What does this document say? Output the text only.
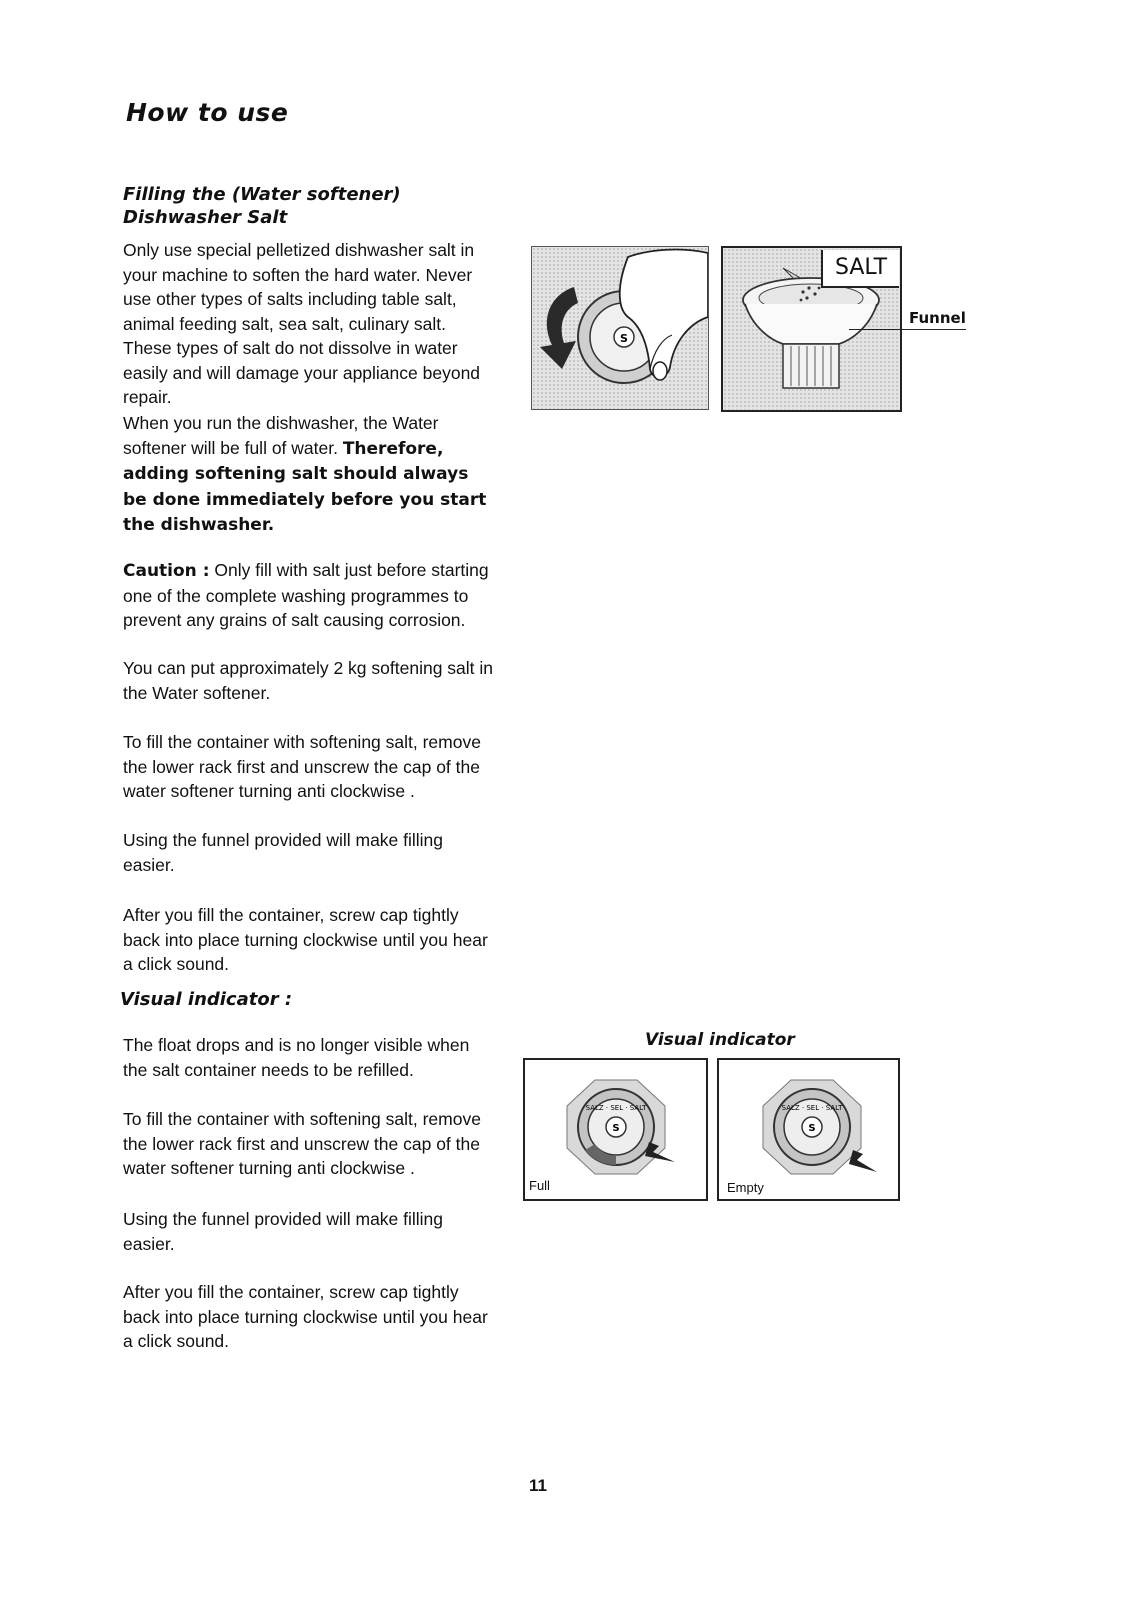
How to use

Filling the (Water softener)

Dishwasher Salt

Only use special pelletized dishwasher salt in your machine to soften the hard water. Never use other types of salts including table salt, animal feeding salt, sea salt, culinary salt. These types of salt do not dissolve in water easily and will damage your appliance beyond repair.

When you run the dishwasher, the Water softener will be full of water. Therefore, adding softening salt should always be done immediately before you start the dishwasher.

Caution : Only fill with salt just before starting one of the complete washing programmes to prevent any grains of salt causing corrosion.

You can put approximately 2 kg softening salt in the Water softener.

To fill the container with softening salt, remove the lower rack first and unscrew the cap of the water softener turning anti clockwise .

Using the funnel provided will make filling easier.

After you fill the container, screw cap tightly back into place turning clockwise until you hear a click sound.

Visual indicator :

The float drops and is no longer visible when the salt container needs to be refilled.

To fill the container with softening salt, remove the lower rack first and unscrew the cap of the water softener turning anti clockwise .

Using the funnel provided will make filling easier.

After you fill the container, screw cap tightly back into place turning clockwise until you hear a click sound.

S
SALT
Funnel
Visual indicator
S
SALZ · SEL · SALT
Full
S
SALZ · SEL · SALT
Empty

11
